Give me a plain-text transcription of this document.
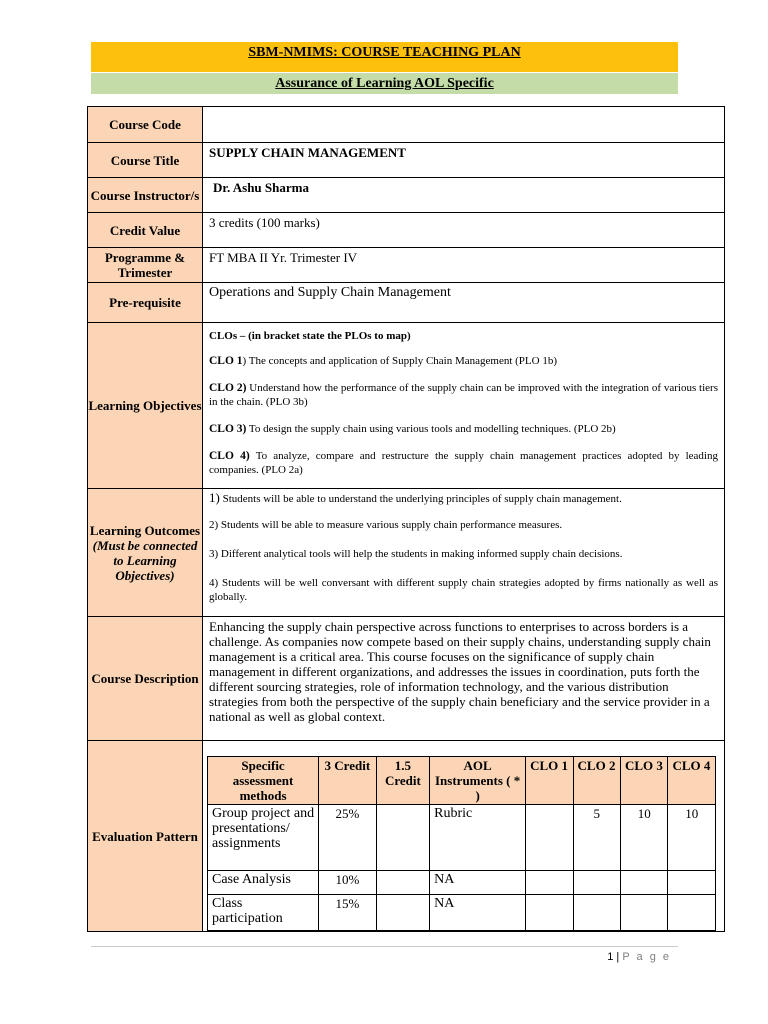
SBM-NMIMS: COURSE TEACHING PLAN
Assurance of Learning AOL Specific
Course Code	
Course Title	SUPPLY CHAIN MANAGEMENT
Course Instructor/s	Dr. Ashu Sharma
Credit Value	3 credits (100 marks)
Programme & Trimester	FT MBA II Yr. Trimester IV
Pre-requisite	Operations and Supply Chain Management
Learning Objectives	
CLOs – (in bracket state the PLOs to map)
CLO 1) The concepts and application of Supply Chain Management (PLO 1b)
CLO 2) Understand how the performance of the supply chain can be improved with the integration of various tiers in the chain. (PLO 3b)
CLO 3) To design the supply chain using various tools and modelling techniques. (PLO 2b)
CLO 4) To analyze, compare and restructure the supply chain management practices adopted by leading companies. (PLO 2a)

Learning Outcomes
(Must be connected to Learning Objectives)

1) Students will be able to understand the underlying principles of supply chain management.
2) Students will be able to measure various supply chain performance measures.
3) Different analytical tools will help the students in making informed supply chain decisions.
4) Students will be well conversant with different supply chain strategies adopted by firms nationally as well as globally.

Course Description	Enhancing the supply chain perspective across functions to enterprises to across borders is a challenge. As companies now compete based on their supply chains, understanding supply chain management is a critical area. This course focuses on the significance of supply chain management in different organizations, and addresses the issues in coordination, puts forth the different sourcing strategies, role of information technology, and the various distribution strategies from both the perspective of the supply chain beneficiary and the service provider in a national as well as global context.
Evaluation Pattern	
Specific assessment methods	3 Credit	1.5 Credit	AOL Instruments ( * )	CLO 1	CLO 2	CLO 3	CLO 4
Group project and presentations/ assignments	25%		Rubric		5	10	10
Case Analysis	10%		NA				
Class participation	15%		NA				
1 | P a g e
